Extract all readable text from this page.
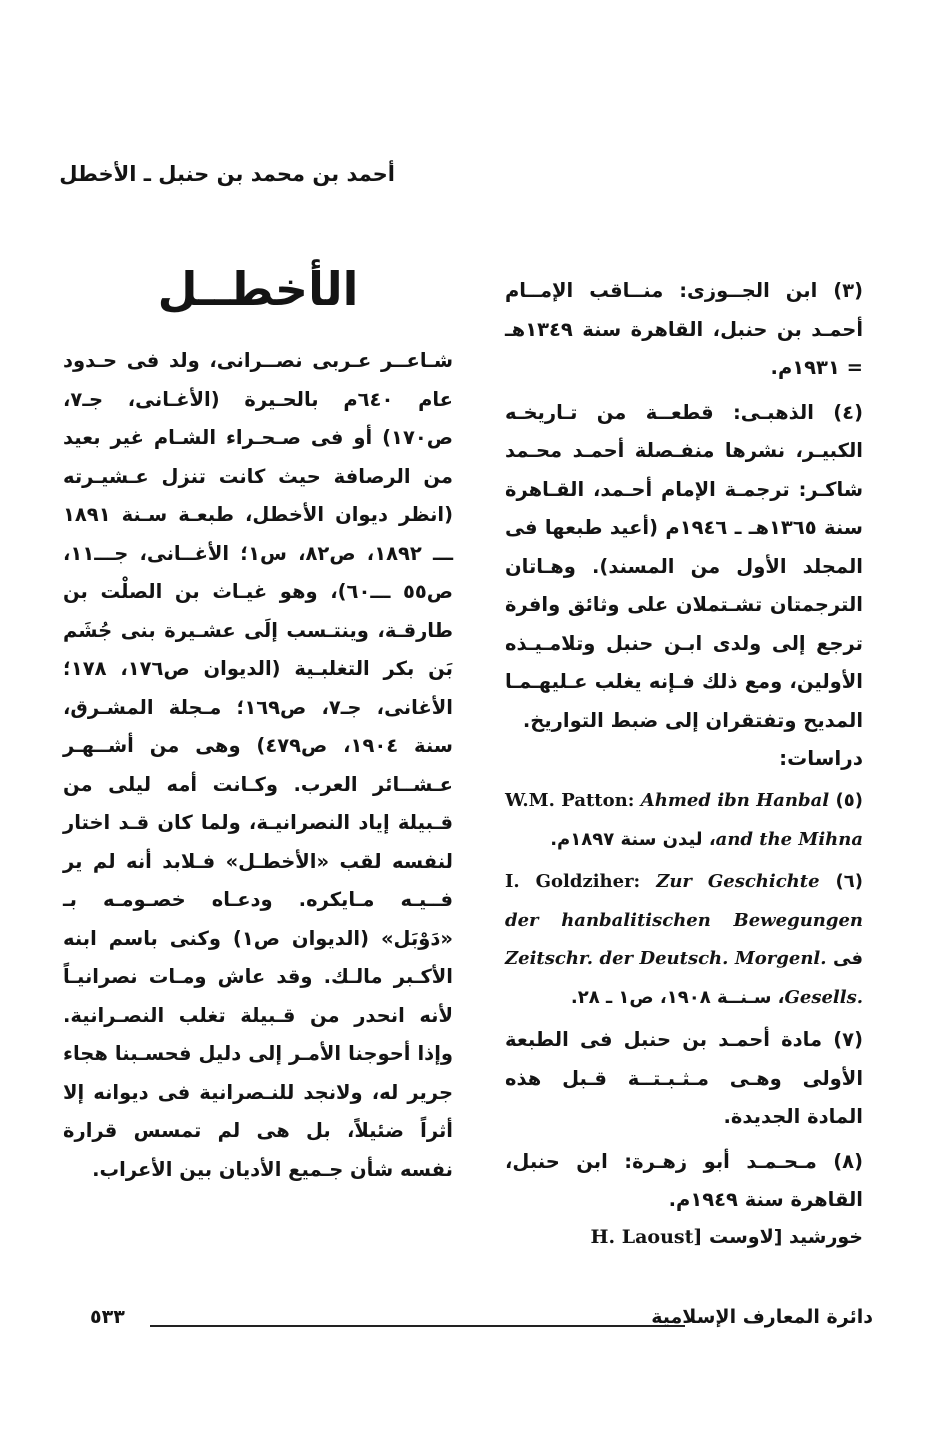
أحمد بن محمد بن حنبل ـ الأخطل

(٣) ابن الجــوزى: منــاقب الإمــام أحمـد بن حنبل، القاهرة سنة ١٣٤٩هـ = ١٩٣١م.

(٤) الذهبـى: قطعــة من تـاريخـه الكبيـر، نشرها منفـصلة أحمـد محـمد شاكـر: ترجمـة الإمام أحـمد، القـاهرة سنة ١٣٦٥هـ ـ ١٩٤٦م (أعيد طبعها فى المجلد الأول من المسند). وهـاتان الترجمتان تشـتملان على وثائق وافرة ترجع إلى ولدى ابـن حنبل وتلامـيـذه الأولين، ومع ذلك فـإنه يغلب عـليهـمـا المديح وتفتقران إلى ضبط التواريخ.

دراسات:

(٥) W.M. Patton: Ahmed ibn Hanbal and the Mihna، ليدن سنة ١٨٩٧م.

(٦) I. Goldziher: Zur Geschichte der hanbalitischen Bewegungen فى Zeitschr. der Deutsch. Morgenl. Gesells.، سـنــة ١٩٠٨، ص١ ـ ٢٨.

(٧) مادة أحمـد بن حنبل فى الطبعة الأولى وهـى مـثـبـتــة قـبل هذه المادة الجديدة.

(٨) مـحـمـد أبو زهـرة: ابن حنبل، القاهرة سنة ١٩٤٩م.

خورشيد [لاوست H. Laoust]

الأخطــل

شـاعــر عـربى نصــرانى، ولد فى حـدود عام ٦٤٠م بالحـيرة (الأغـانى، جـ٧، ص١٧٠) أو فى صـحـراء الشـام غير بعيد من الرصافة حيث كانت تنزل عـشيـرته (انظر ديوان الأخطل، طبعـة سـنة ١٨٩١ ـــ ١٨٩٢، ص٨٢، س١؛ الأغــانى، جـــ١١، ص٥٥ ـــ٦٠)، وهو غيـاث بن الصلْت بن طارقـة، وينتـسب إلَى عشـيرة بنى جُشَم بَن بكر التغلبـية (الديوان ص١٧٦، ١٧٨؛ الأغانى، جـ٧، ص١٦٩؛ مـجلة المشـرق، سنة ١٩٠٤، ص٤٧٩) وهى من أشــهـر عـشــائر العرب. وكـانت أمه ليلى من قـبيلة إياد النصرانيـة، ولما كان قـد اختار لنفسه لقب «الأخطـل» فـلابد أنه لم ير فــيـه مـايكره. ودعـاه خصـومـه بـ «دَوْبَل» (الديوان ص١) وكنى باسم ابنه الأكـبر مالـك. وقد عاش ومـات نصرانيـاً لأنه انحدر من قـبيلة تغلب النصـرانية. وإذا أحوجنا الأمـر إلى دليل فحسـبنا هجاء جرير له، ولانجد للنـصرانية فى ديوانه إلا أثراً ضئيلاً، بل هى لم تمسس قرارة نفسه شأن جـميع الأديان بين الأعراب.

دائرة المعارف الإسلامية
٥٣٣
